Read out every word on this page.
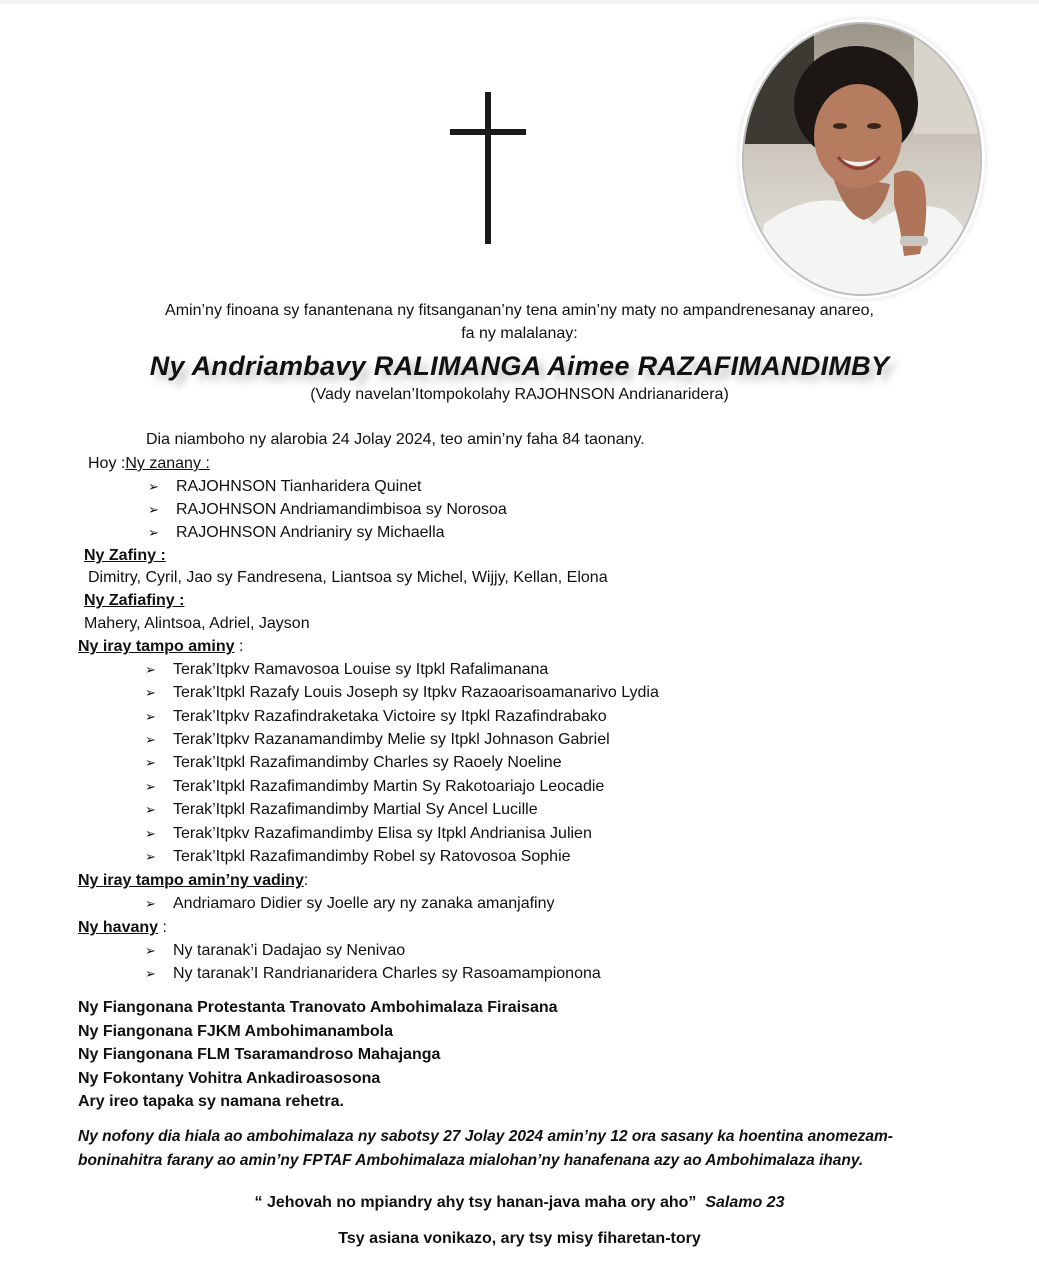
Amin’ny finoana sy fanantenana ny fitsanganan’ny tena amin’ny maty no ampandrenesanay anareo,
fa ny malalanay:
Ny Andriambavy RALIMANGA Aimee RAZAFIMANDIMBY
(Vady navelan’Itompokolahy RAJOHNSON Andrianaridera)
Dia niamboho ny alarobia 24 Jolay 2024, teo amin’ny faha 84 taonany.
Hoy :Ny zanany :
➢ RAJOHNSON Tianharidera Quinet
➢ RAJOHNSON Andriamandimbisoa sy Norosoa
➢ RAJOHNSON Andrianiry sy Michaella
Ny Zafiny :
Dimitry, Cyril, Jao sy Fandresena, Liantsoa sy Michel, Wijjy, Kellan, Elona
Ny Zafiafiny :
Mahery, Alintsoa, Adriel, Jayson
Ny iray tampo aminy :
➢ Terak’Itpkv Ramavosoa Louise sy Itpkl Rafalimanana
➢ Terak’Itpkl Razafy Louis Joseph sy Itpkv Razaoarisoamanarivo Lydia
➢ Terak’Itpkv Razafindraketaka Victoire sy Itpkl Razafindrabako
➢ Terak’Itpkv Razanamandimby Melie sy Itpkl Johnason Gabriel
➢ Terak’Itpkl Razafimandimby Charles sy Raoely Noeline
➢ Terak’Itpkl Razafimandimby Martin Sy Rakotoariajo Leocadie
➢ Terak’Itpkl Razafimandimby Martial Sy Ancel Lucille
➢ Terak’Itpkv Razafimandimby Elisa sy Itpkl Andrianisa Julien
➢ Terak’Itpkl Razafimandimby Robel sy Ratovosoa Sophie
Ny iray tampo amin’ny vadiny:
➢ Andriamaro Didier sy Joelle ary ny zanaka amanjafiny
Ny havany :
➢ Ny taranak’i Dadajao sy Nenivao
➢ Ny taranak’I Randrianaridera Charles sy Rasoamampionona
Ny Fiangonana Protestanta Tranovato Ambohimalaza Firaisana
Ny Fiangonana FJKM Ambohimanambola
Ny Fiangonana FLM Tsaramandroso Mahajanga
Ny Fokontany Vohitra Ankadiroasosona
Ary ireo tapaka sy namana rehetra.
Ny nofony dia hiala ao ambohimalaza ny sabotsy 27 Jolay 2024 amin’ny 12 ora sasany ka hoentina anomezam-
boninahitra farany ao amin’ny FPTAF Ambohimalaza mialohan’ny hanafenana azy ao Ambohimalaza ihany.
“ Jehovah no mpiandry ahy tsy hanan-java maha ory aho” Salamo 23
Tsy asiana vonikazo, ary tsy misy fiharetan-tory
